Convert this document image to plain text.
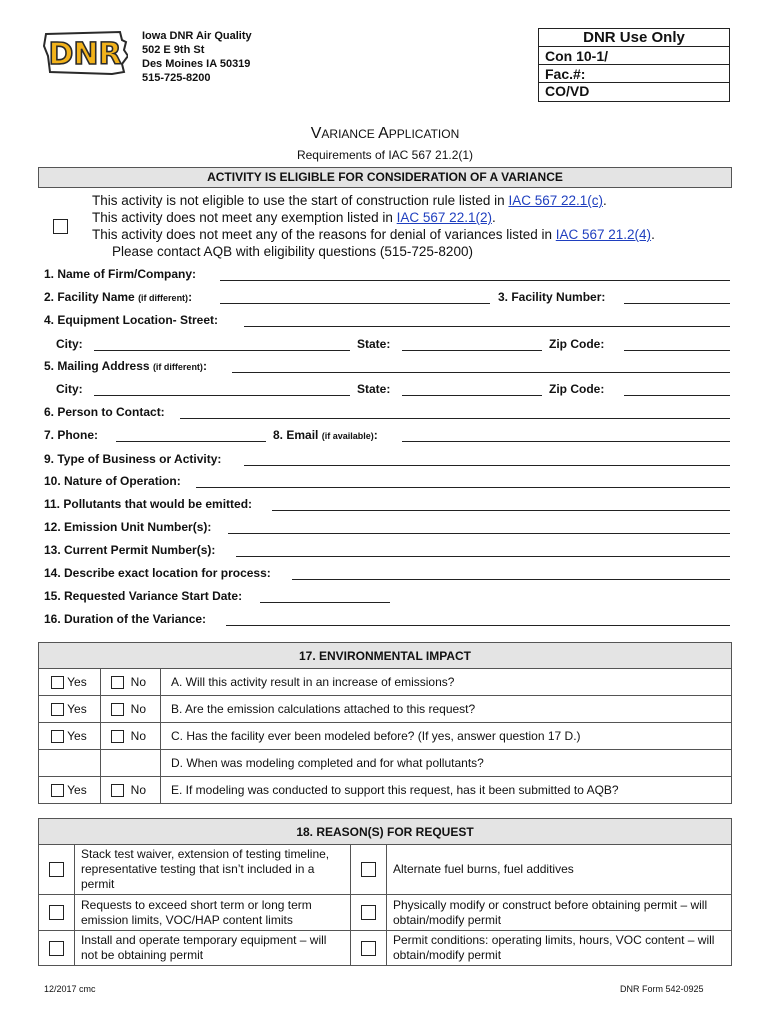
DNR
Iowa DNR Air Quality
502 E 9th St
Des Moines IA 50319
515-725-8200
DNR Use Only
Con 10-1/
Fac.#:
CO/VD
VARIANCE APPLICATION
Requirements of IAC 567 21.2(1)
ACTIVITY IS ELIGIBLE FOR CONSIDERATION OF A VARIANCE
This activity is not eligible to use the start of construction rule listed in IAC 567 22.1(c).
This activity does not meet any exemption listed in IAC 567 22.1(2).
This activity does not meet any of the reasons for denial of variances listed in IAC 567 21.2(4).
Please contact AQB with eligibility questions (515-725-8200)
1. Name of Firm/Company:
2. Facility Name (if different):	3. Facility Number:
4. Equipment Location- Street:
City:	State:	Zip Code:
5. Mailing Address (if different):
City:	State:	Zip Code:
6. Person to Contact:
7. Phone:	8. Email (if available):
9. Type of Business or Activity:
10. Nature of Operation:
11. Pollutants that would be emitted:
12. Emission Unit Number(s):
13. Current Permit Number(s):
14. Describe exact location for process:
15. Requested Variance Start Date:
16. Duration of the Variance:
17. ENVIRONMENTAL IMPACT		
Yes	No	A. Will this activity result in an increase of emissions?
Yes	No	B. Are the emission calculations attached to this request?
Yes	No	C. Has the facility ever been modeled before? (If yes, answer question 17 D.)
		D. When was modeling completed and for what pollutants?
Yes	No	E. If modeling was conducted to support this request, has it been submitted to AQB?
18. REASON(S) FOR REQUEST			
	Stack test waiver, extension of testing timeline, representative testing that isn’t included in a permit		Alternate fuel burns, fuel additives
	Requests to exceed short term or long term emission limits, VOC/HAP content limits		Physically modify or construct before obtaining permit – will obtain/modify permit
	Install and operate temporary equipment – will not be obtaining permit		Permit conditions: operating limits, hours, VOC content – will obtain/modify permit
12/2017 cmc	DNR Form 542-0925
